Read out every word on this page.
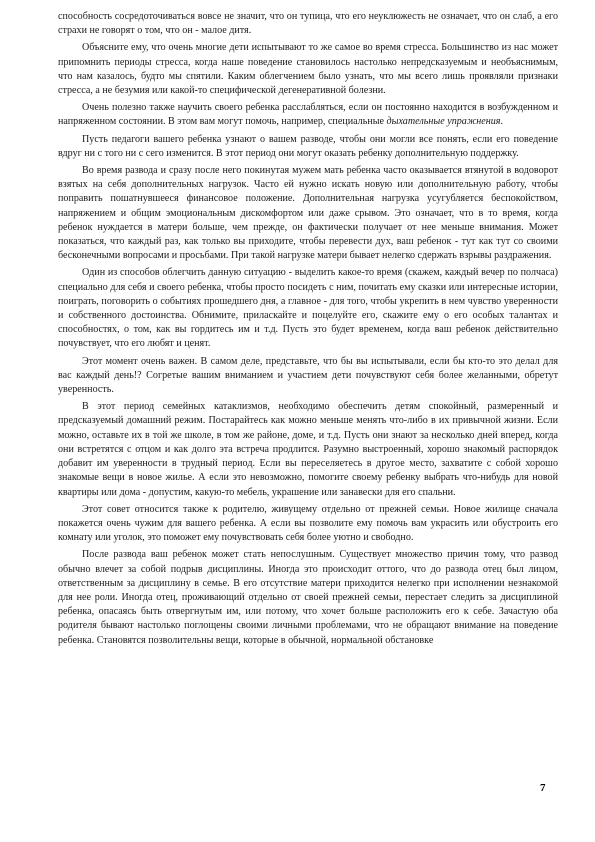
способность сосредоточиваться вовсе не значит, что он тупица, что его неуклюжесть не означает, что он слаб, а его страхи не говорят о том, что он - малое дитя.

Объясните ему, что очень многие дети испытывают то же самое во время стресса. Большинство из нас может припомнить периоды стресса, когда наше поведение становилось настолько непредсказуемым и необъяснимым, что нам казалось, будто мы спятили. Каким облегчением было узнать, что мы всего лишь проявляли признаки стресса, а не безумия или какой-то специфической дегенеративной болезни.

Очень полезно также научить своего ребенка расслабляться, если он постоянно находится в возбужденном и напряженном состоянии. В этом вам могут помочь, например, специальные дыхательные упражнения.

Пусть педагоги вашего ребенка узнают о вашем разводе, чтобы они могли все понять, если его поведение вдруг ни с того ни с сего изменится. В этот период они могут оказать ребенку дополнительную поддержку.

Во время развода и сразу после него покинутая мужем мать ребенка часто оказывается втянутой в водоворот взятых на себя дополнительных нагрузок. Часто ей нужно искать новую или дополнительную работу, чтобы поправить пошатнувшееся финансовое положение. Дополнительная нагрузка усугубляется беспокойством, напряжением и общим эмоциональным дискомфортом или даже срывом. Это означает, что в то время, когда ребенок нуждается в матери больше, чем прежде, он фактически получает от нее меньше внимания. Может показаться, что каждый раз, как только вы приходите, чтобы перевести дух, ваш ребенок - тут как тут со своими бесконечными вопросами и просьбами. При такой нагрузке матери бывает нелегко сдержать взрывы раздражения.

Один из способов облегчить данную ситуацию - выделить какое-то время (скажем, каждый вечер по полчаса) специально для себя и своего ребенка, чтобы просто посидеть с ним, почитать ему сказки или интересные истории, поиграть, поговорить о событиях прошедшего дня, а главное - для того, чтобы укрепить в нем чувство уверенности и собственного достоинства. Обнимите, приласкайте и поцелуйте его, скажите ему о его особых талантах и способностях, о том, как вы гордитесь им и т.д. Пусть это будет временем, когда ваш ребенок действительно почувствует, что его любят и ценят.

Этот момент очень важен. В самом деле, представьте, что бы вы испытывали, если бы кто-то это делал для вас каждый день!? Согретые вашим вниманием и участием дети почувствуют себя более желанными, обретут уверенность.

В этот период семейных катаклизмов, необходимо обеспечить детям спокойный, размеренный и предсказуемый домашний режим. Постарайтесь как можно меньше менять что-либо в их привычной жизни. Если можно, оставьте их в той же школе, в том же районе, доме, и т.д. Пусть они знают за несколько дней вперед, когда они встретятся с отцом и как долго эта встреча продлится. Разумно выстроенный, хорошо знакомый распорядок добавит им уверенности в трудный период. Если вы переселяетесь в другое место, захватите с собой хорошо знакомые вещи в новое жилье. А если это невозможно, помогите своему ребенку выбрать что-нибудь для новой квартиры или дома - допустим, какую-то мебель, украшение или занавески для его спальни.

Этот совет относится также к родителю, живущему отдельно от прежней семьи. Новое жилище сначала покажется очень чужим для вашего ребенка. А если вы позволите ему помочь вам украсить или обустроить его комнату или уголок, это поможет ему почувствовать себя более уютно и свободно.

После развода ваш ребенок может стать непослушным. Существует множество причин тому, что развод обычно влечет за собой подрыв дисциплины. Иногда это происходит оттого, что до развода отец был лицом, ответственным за дисциплину в семье. В его отсутствие матери приходится нелегко при исполнении незнакомой для нее роли. Иногда отец, проживающий отдельно от своей прежней семьи, перестает следить за дисциплиной ребенка, опасаясь быть отвергнутым им, или потому, что хочет больше расположить его к себе. Зачастую оба родителя бывают настолько поглощены своими личными проблемами, что не обращают внимание на поведение ребенка. Становятся позволительны вещи, которые в обычной, нормальной обстановке

7
